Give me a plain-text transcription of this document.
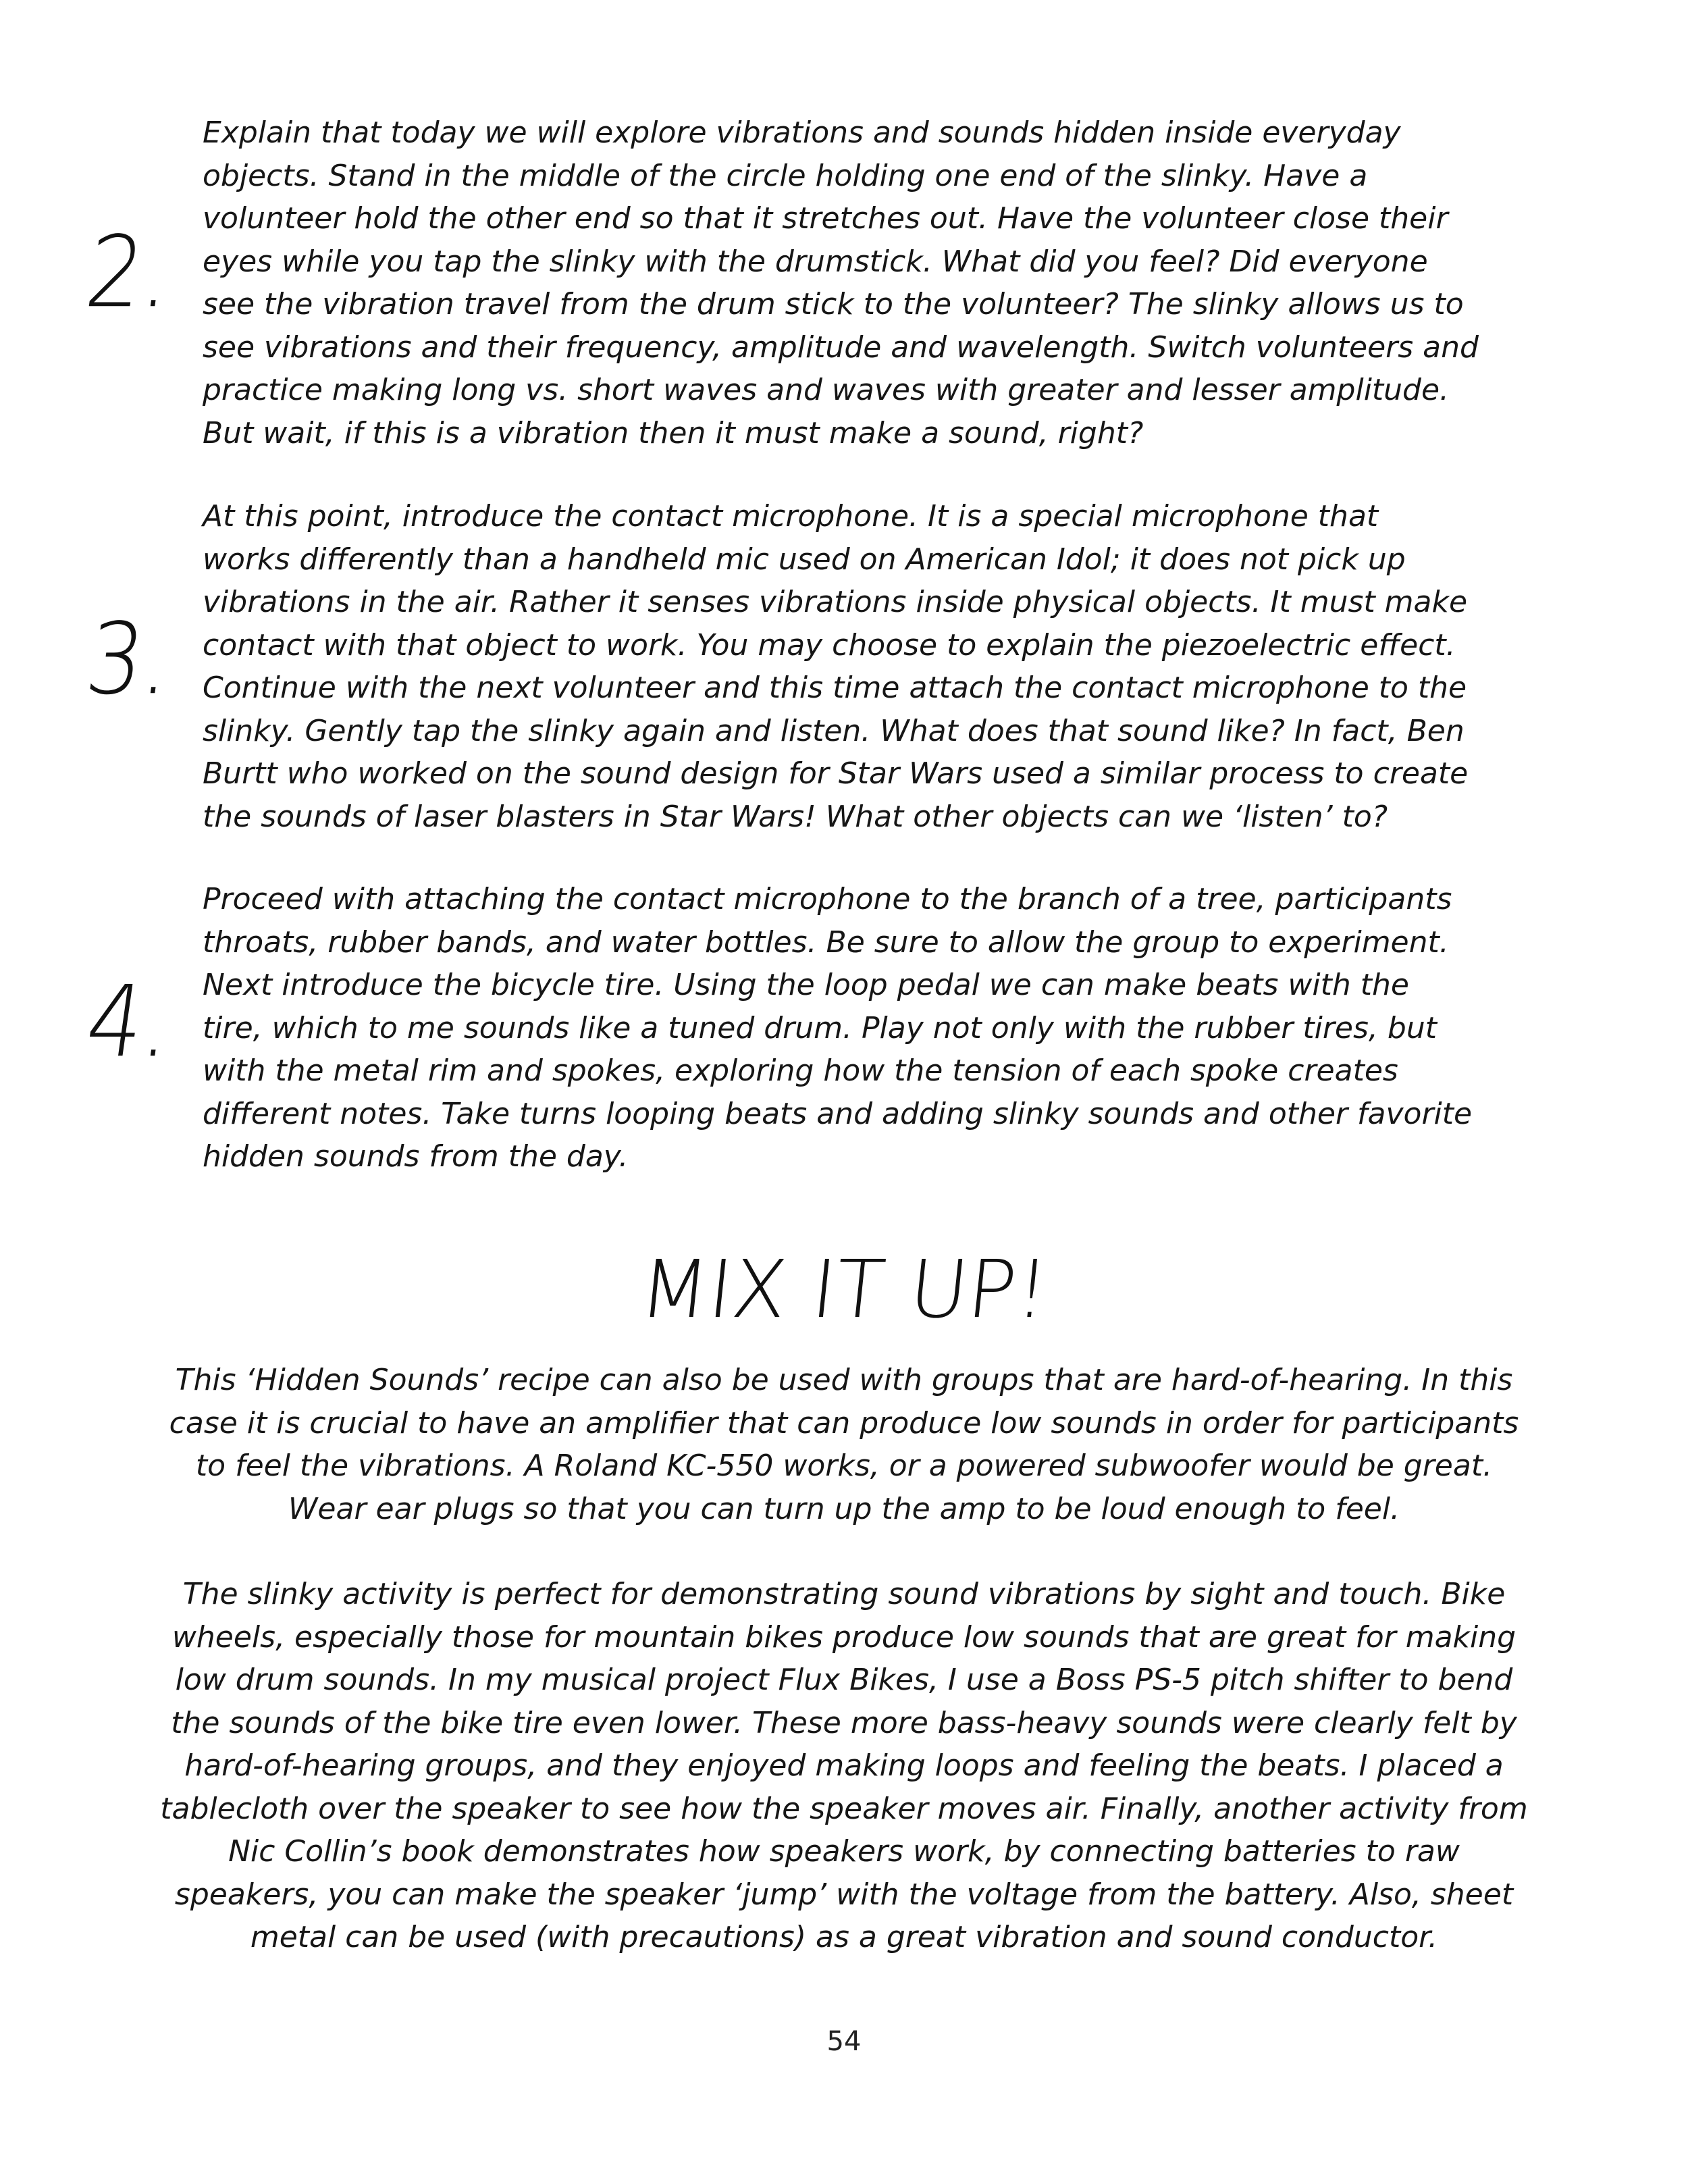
2.

Explain that today we will explore vibrations and sounds hidden inside everyday
objects. Stand in the middle of the circle holding one end of the slinky. Have a
volunteer hold the other end so that it stretches out. Have the volunteer close their
eyes while you tap the slinky with the drumstick. What did you feel? Did everyone
see the vibration travel from the drum stick to the volunteer? The slinky allows us to
see vibrations and their frequency, amplitude and wavelength. Switch volunteers and
practice making long vs. short waves and waves with greater and lesser amplitude.
But wait, if this is a vibration then it must make a sound, right?

3.

At this point, introduce the contact microphone. It is a special microphone that
works differently than a handheld mic used on American Idol; it does not pick up
vibrations in the air. Rather it senses vibrations inside physical objects. It must make
contact with that object to work. You may choose to explain the piezoelectric effect.
Continue with the next volunteer and this time attach the contact microphone to the
slinky. Gently tap the slinky again and listen. What does that sound like? In fact, Ben
Burtt who worked on the sound design for Star Wars used a similar process to create
the sounds of laser blasters in Star Wars! What other objects can we ‘listen’ to?

4.

Proceed with attaching the contact microphone to the branch of a tree, participants
throats, rubber bands, and water bottles. Be sure to allow the group to experiment.
Next introduce the bicycle tire. Using the loop pedal we can make beats with the
tire, which to me sounds like a tuned drum. Play not only with the rubber tires, but
with the metal rim and spokes, exploring how the tension of each spoke creates
different notes. Take turns looping beats and adding slinky sounds and other favorite
hidden sounds from the day.

MIX IT UP!

This ‘Hidden Sounds’ recipe can also be used with groups that are hard-of-hearing. In this
case it is crucial to have an amplifier that can produce low sounds in order for participants
to feel the vibrations. A Roland KC-550 works, or a powered subwoofer would be great.
Wear ear plugs so that you can turn up the amp to be loud enough to feel.

The slinky activity is perfect for demonstrating sound vibrations by sight and touch. Bike
wheels, especially those for mountain bikes produce low sounds that are great for making
low drum sounds. In my musical project Flux Bikes, I use a Boss PS-5 pitch shifter to bend
the sounds of the bike tire even lower. These more bass-heavy sounds were clearly felt by
hard-of-hearing groups, and they enjoyed making loops and feeling the beats. I placed a
tablecloth over the speaker to see how the speaker moves air. Finally, another activity from
Nic Collin’s book demonstrates how speakers work, by connecting batteries to raw
speakers, you can make the speaker ‘jump’ with the voltage from the battery. Also, sheet
metal can be used (with precautions) as a great vibration and sound conductor.

54
